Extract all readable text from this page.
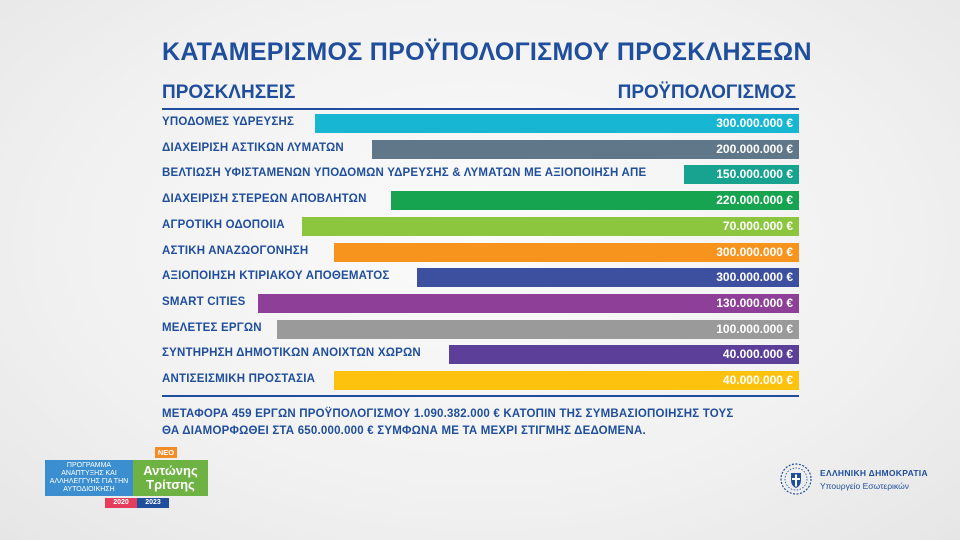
ΚΑΤΑΜΕΡΙΣΜΟΣ ΠΡΟΫΠΟΛΟΓΙΣΜΟΥ ΠΡΟΣΚΛΗΣΕΩΝ
ΠΡΟΣΚΛΗΣΕΙΣ	ΠΡΟΫΠΟΛΟΓΙΣΜΟΣ
300.000.000 €
ΥΠΟΔΟΜΕΣ ΥΔΡΕΥΣΗΣ
200.000.000 €
ΔΙΑΧΕΙΡΙΣΗ ΑΣΤΙΚΩΝ ΛΥΜΑΤΩΝ
150.000.000 €
ΒΕΛΤΙΩΣΗ ΥΦΙΣΤΑΜΕΝΩΝ ΥΠΟΔΟΜΩΝ ΥΔΡΕΥΣΗΣ & ΛΥΜΑΤΩΝ ΜΕ ΑΞΙΟΠΟΙΗΣΗ ΑΠΕ
220.000.000 €
ΔΙΑΧΕΙΡΙΣΗ ΣΤΕΡΕΩΝ ΑΠΟΒΛΗΤΩΝ
70.000.000 €
ΑΓΡΟΤΙΚΗ ΟΔΟΠΟΙΙΑ
300.000.000 €
ΑΣΤΙΚΗ ΑΝΑΖΩΟΓΟΝΗΣΗ
300.000.000 €
ΑΞΙΟΠΟΙΗΣΗ ΚΤΙΡΙΑΚΟΥ ΑΠΟΘΕΜΑΤΟΣ
130.000.000 €
SMART CITIES
100.000.000 €
ΜΕΛΕΤΕΣ ΕΡΓΩΝ
40.000.000 €
ΣΥΝΤΗΡΗΣΗ ΔΗΜΟΤΙΚΩΝ ΑΝΟΙΧΤΩΝ ΧΩΡΩΝ
40.000.000 €
ΑΝΤΙΣΕΙΣΜΙΚΗ ΠΡΟΣΤΑΣΙΑ
ΜΕΤΑΦΟΡΑ 459 ΕΡΓΩΝ ΠΡΟΫΠΟΛΟΓΙΣΜΟΥ 1.090.382.000 € ΚΑΤΟΠΙΝ ΤΗΣ ΣΥΜΒΑΣΙΟΠΟΙΗΣΗΣ ΤΟΥΣ
ΘΑ ΔΙΑΜΟΡΦΩΘΕΙ ΣΤΑ 650.000.000 € ΣΥΜΦΩΝΑ ΜΕ ΤΑ ΜΕΧΡΙ ΣΤΙΓΜΗΣ ΔΕΔΟΜΕΝΑ.
ΝΕΟ
ΠΡΟΓΡΑΜΜΑ ΑΝΑΠΤΥΞΗΣ ΚΑΙ ΑΛΛΗΛΕΓΓΥΗΣ ΓΙΑ ΤΗΝ ΑΥΤΟΔΙΟΙΚΗΣΗ
Αντώνης
Τρίτσης
2020	2023
ΕΛΛΗΝΙΚΗ ΔΗΜΟΚΡΑΤΙΑ
Υπουργείο Εσωτερικών
